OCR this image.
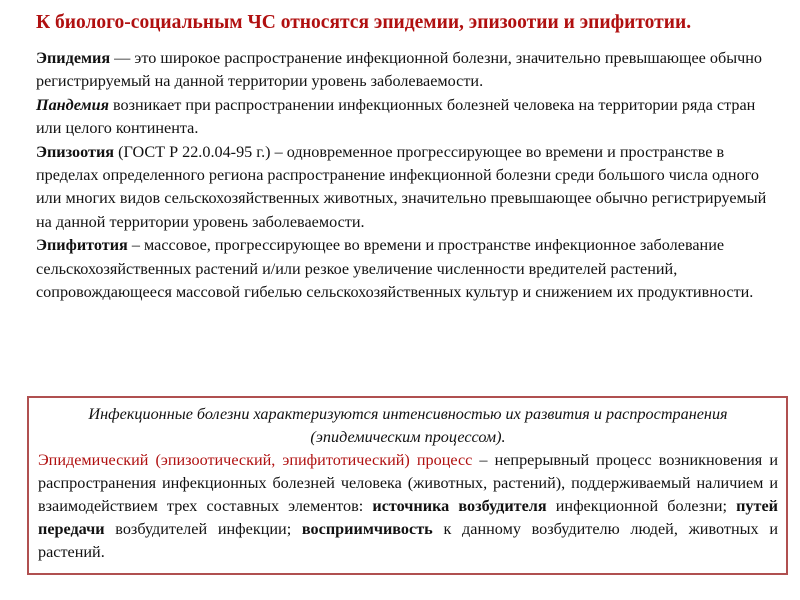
К биолого-социальным ЧС относятся эпидемии, эпизоотии и эпифитотии.

Эпидемия — это широкое распространение инфекционной болезни, значительно превышающее обычно регистрируемый на данной территории уровень заболеваемости.

Пандемия возникает при распространении инфекционных болезней человека на территории ряда стран или целого континента.

Эпизоотия (ГОСТ Р 22.0.04-95 г.) – одновременное прогрессирующее во времени и пространстве в пределах определенного региона распространение инфекционной болезни среди большого числа одного или многих видов сельскохозяйственных животных, значительно превышающее обычно регистрируемый на данной территории уровень заболеваемости.

Эпифитотия – массовое, прогрессирующее во времени и пространстве инфекционное заболевание сельскохозяйственных растений и/или резкое увеличение численности вредителей растений, сопровождающееся массовой гибелью сельскохозяйственных культур и снижением их продуктивности.

Инфекционные болезни характеризуются интенсивностью их развития и распространения (эпидемическим процессом).

Эпидемический (эпизоотический, эпифитотический) процесс – непрерывный процесс возникновения и распространения инфекционных болезней человека (животных, растений), поддерживаемый наличием и взаимодействием трех составных элементов: источника возбудителя инфекционной болезни; путей передачи возбудителей инфекции; восприимчивость к данному возбудителю людей, животных и растений.
